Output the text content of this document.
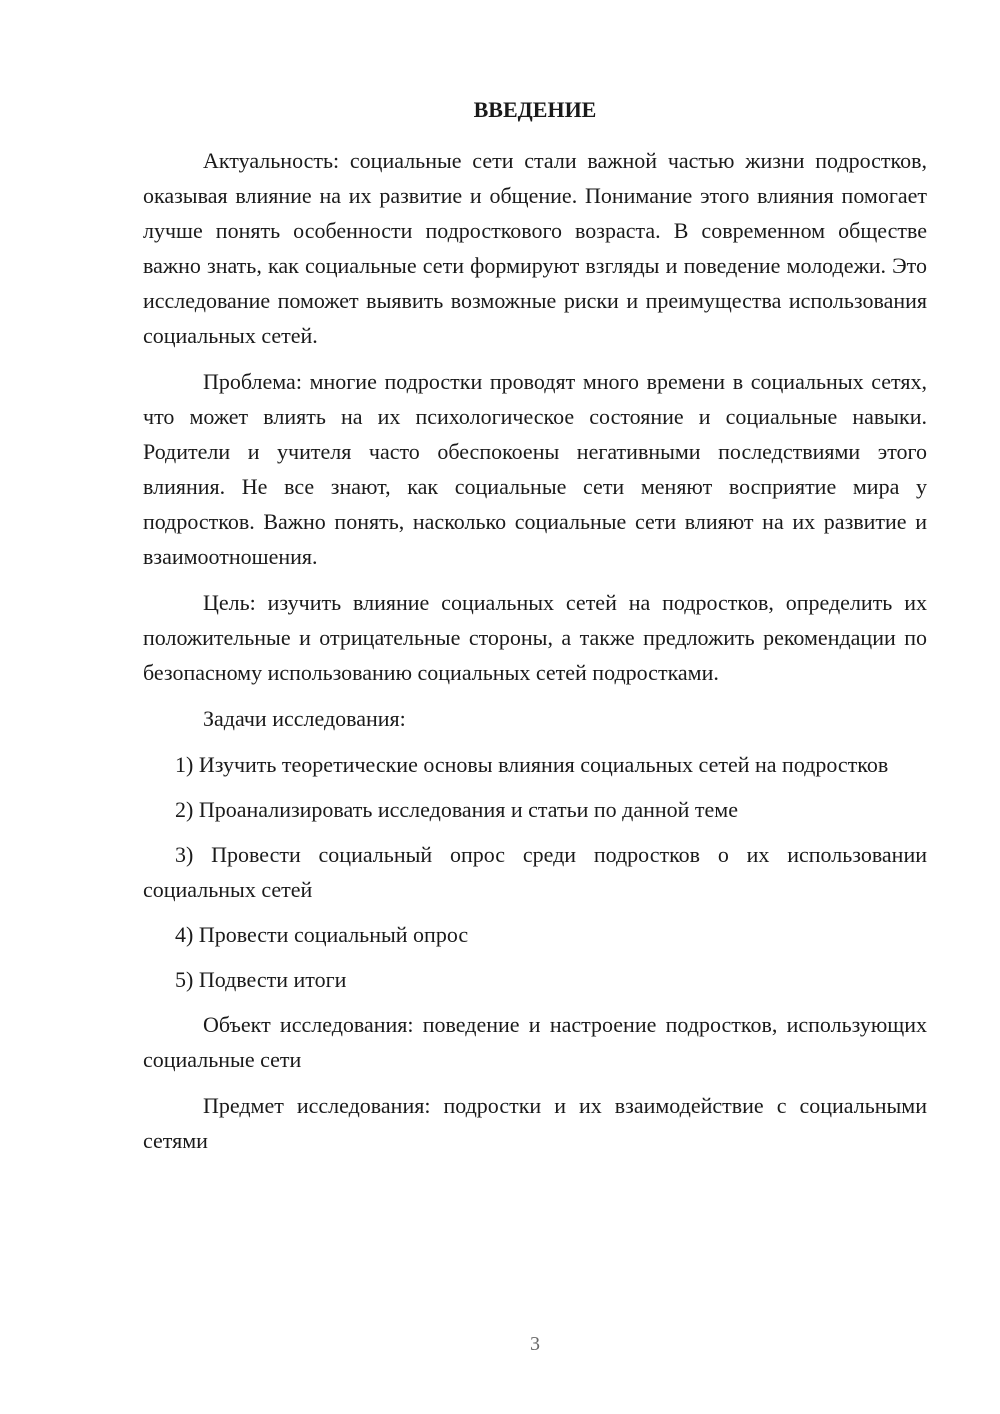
ВВЕДЕНИЕ

Актуальность: социальные сети стали важной частью жизни подростков, оказывая влияние на их развитие и общение. Понимание этого влияния помогает лучше понять особенности подросткового возраста. В современном обществе важно знать, как социальные сети формируют взгляды и поведение молодежи. Это исследование поможет выявить возможные риски и преимущества использования социальных сетей.

Проблема: многие подростки проводят много времени в социальных сетях, что может влиять на их психологическое состояние и социальные навыки. Родители и учителя часто обеспокоены негативными последствиями этого влияния. Не все знают, как социальные сети меняют восприятие мира у подростков. Важно понять, насколько социальные сети влияют на их развитие и взаимоотношения.

Цель: изучить влияние социальных сетей на подростков, определить их положительные и отрицательные стороны, а также предложить рекомендации по безопасному использованию социальных сетей подростками.

Задачи исследования:

1) Изучить теоретические основы влияния социальных сетей на подростков

2) Проанализировать исследования и статьи по данной теме

3) Провести социальный опрос среди подростков о их использовании социальных сетей

4) Провести социальный опрос

5) Подвести итоги

Объект исследования: поведение и настроение подростков, использующих социальные сети

Предмет исследования: подростки и их взаимодействие с социальными сетями

3
